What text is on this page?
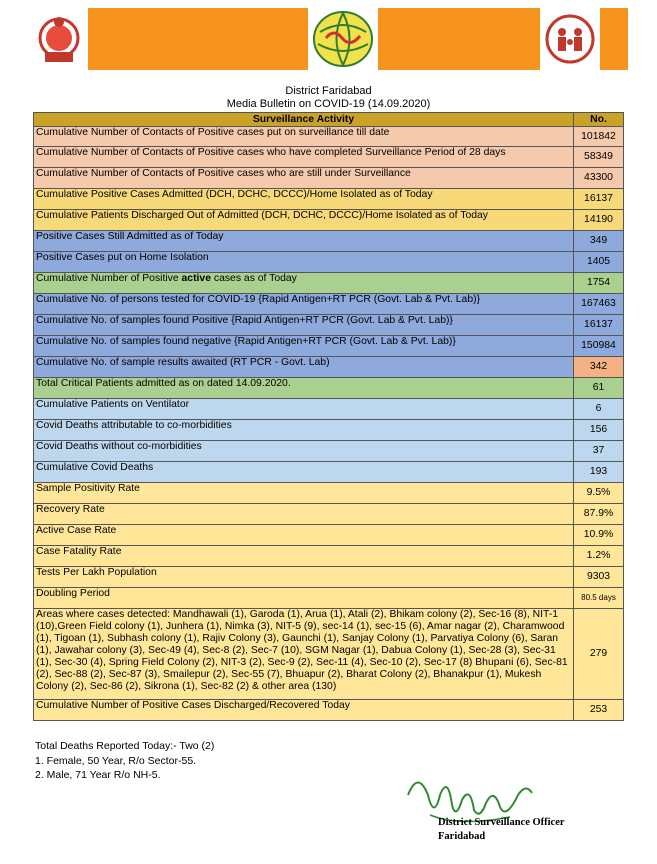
District Faridabad
Media Bulletin on COVID-19 (14.09.2020)
Surveillance Activity	No.
Cumulative Number of Contacts of Positive cases put on surveillance till date	101842
Cumulative Number of Contacts of Positive cases who have completed Surveillance Period of 28 days	58349
Cumulative Number of Contacts of Positive cases who are still under Surveillance	43300
Cumulative Positive Cases Admitted (DCH, DCHC, DCCC)/Home Isolated as of Today	16137
Cumulative Patients Discharged Out of Admitted (DCH, DCHC, DCCC)/Home Isolated as of Today	14190
Positive Cases Still Admitted as of Today	349
Positive Cases put on Home Isolation	1405
Cumulative Number of Positive active cases as of Today	1754
Cumulative No. of persons tested for COVID-19 {Rapid Antigen+RT PCR (Govt. Lab & Pvt. Lab)}	167463
Cumulative No. of samples found Positive {Rapid Antigen+RT PCR (Govt. Lab & Pvt. Lab)}	16137
Cumulative No. of samples found negative {Rapid Antigen+RT PCR (Govt. Lab & Pvt. Lab)}	150984
Cumulative No. of sample results awaited (RT PCR - Govt. Lab)	342
Total Critical Patients admitted as on dated 14.09.2020.	61
Cumulative Patients on Ventilator	6
Covid Deaths attributable to co-morbidities	156
Covid Deaths without co-morbidities	37
Cumulative Covid Deaths	193
Sample Positivity Rate	9.5%
Recovery Rate	87.9%
Active Case Rate	10.9%
Case Fatality Rate	1.2%
Tests Per Lakh Population	9303
Doubling Period	80.5 days
Areas where cases detected: Mandhawali (1), Garoda (1), Arua (1), Atali (2), Bhikam colony (2), Sec-16 (8), NIT-1 (10),Green Field colony (1), Junhera (1), Nimka (3), NIT-5 (9), sec-14 (1), sec-15 (6), Amar nagar (2), Charamwood (1), Tigoan (1), Subhash colony (1), Rajiv Colony (3), Gaunchi (1), Sanjay Colony (1), Parvatiya Colony (6), Saran (1), Jawahar colony (3), Sec-49 (4), Sec-8 (2), Sec-7 (10), SGM Nagar (1), Dabua Colony (1), Sec-28 (3), Sec-31 (1), Sec-30 (4), Spring Field Colony (2), NIT-3 (2), Sec-9 (2), Sec-11 (4), Sec-10 (2), Sec-17 (8) Bhupani (6), Sec-81 (2), Sec-88 (2), Sec-87 (3), Smailepur (2), Sec-55 (7), Bhuapur (2), Bharat Colony (2), Bhanakpur (1), Mukesh Colony (2), Sec-86 (2), Sikrona (1), Sec-82 (2) & other area (130)	279
Cumulative Number of Positive Cases Discharged/Recovered Today	253
Total Deaths Reported Today:- Two (2)
1. Female, 50 Year, R/o Sector-55.
2. Male, 71 Year R/o NH-5.
District Surveillance Officer
Faridabad
